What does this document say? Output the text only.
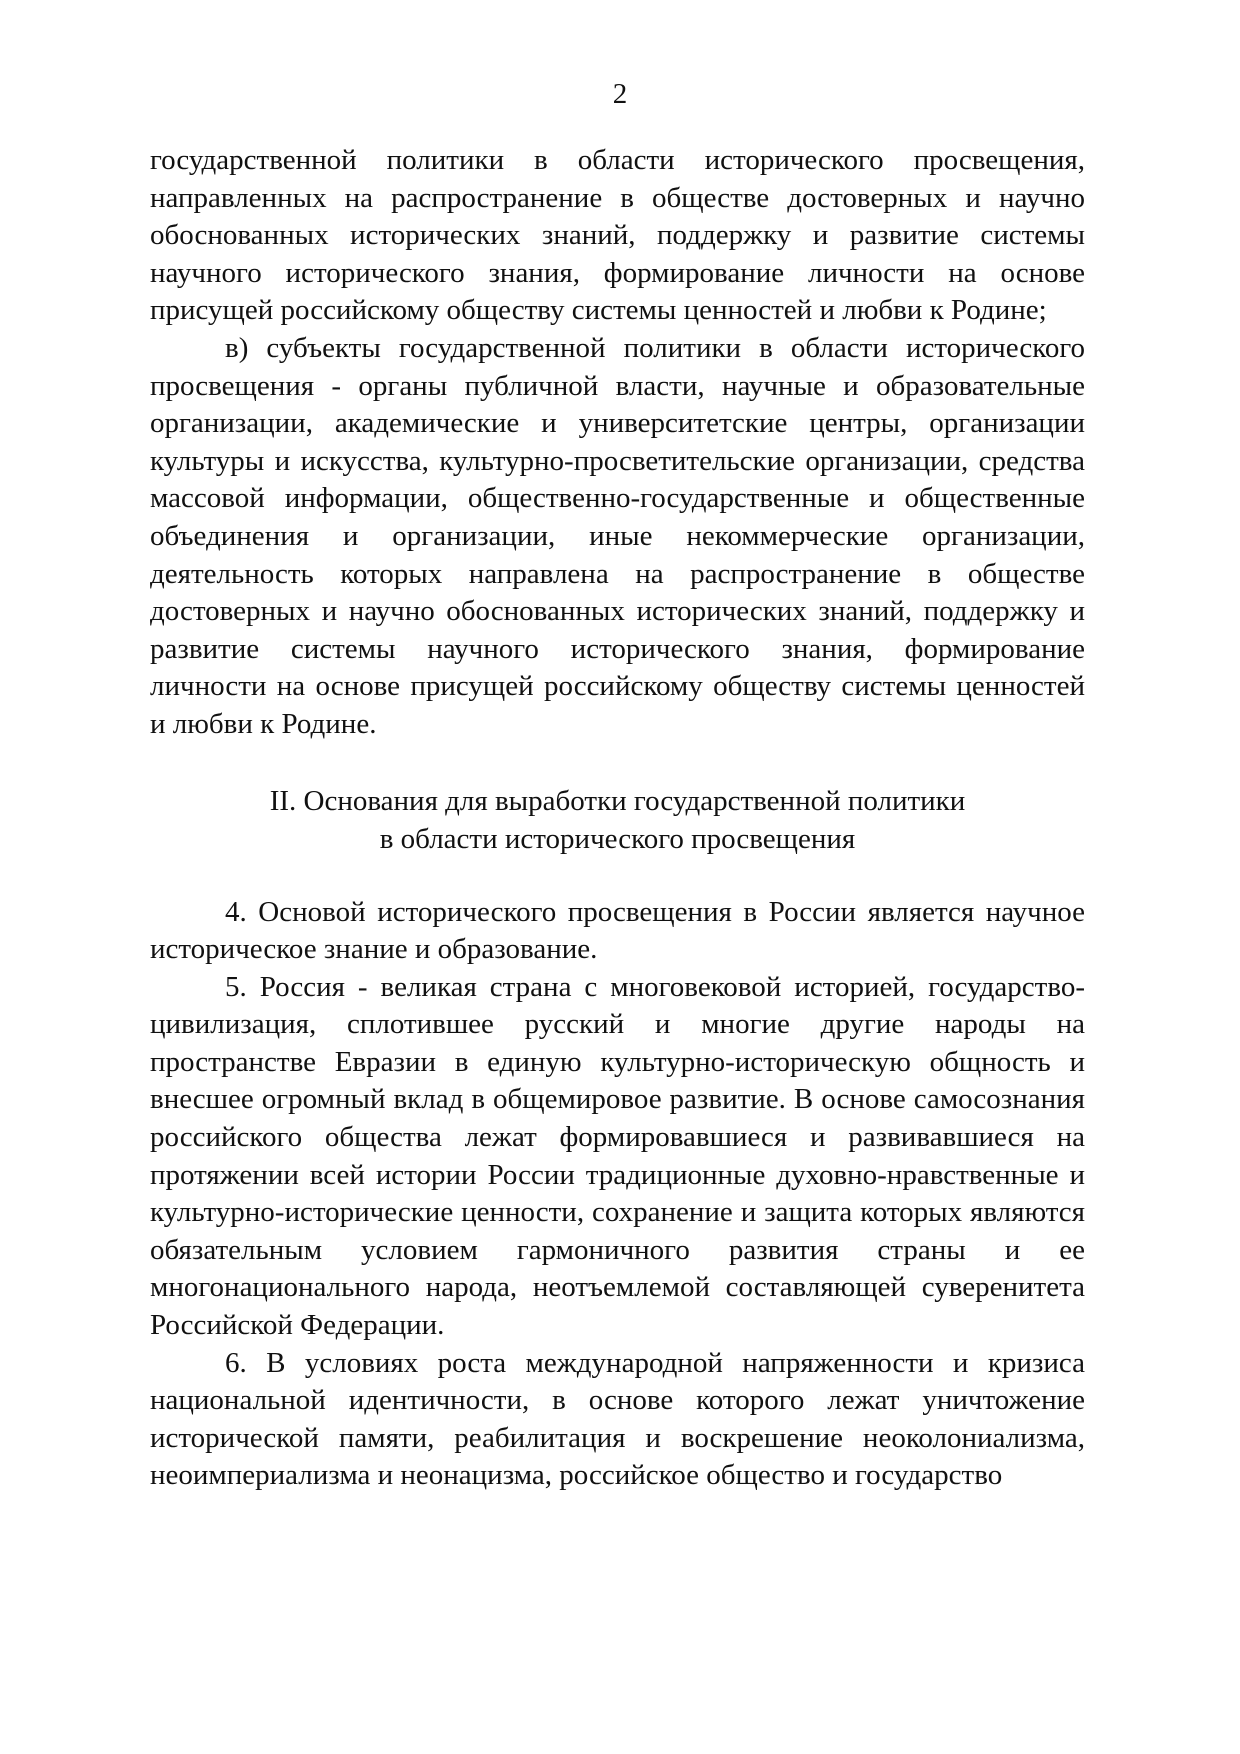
2

государственной политики в области исторического просвещения, направленных на распространение в обществе достоверных и научно обоснованных исторических знаний, поддержку и развитие системы научного исторического знания, формирование личности на основе присущей российскому обществу системы ценностей и любви к Родине;

в) субъекты государственной политики в области исторического просвещения - органы публичной власти, научные и образовательные организации, академические и университетские центры, организации культуры и искусства, культурно-просветительские организации, средства массовой информации, общественно-государственные и общественные объединения и организации, иные некоммерческие организации, деятельность которых направлена на распространение в обществе достоверных и научно обоснованных исторических знаний, поддержку и развитие системы научного исторического знания, формирование личности на основе присущей российскому обществу системы ценностей и любви к Родине.

II. Основания для выработки государственной политики
в области исторического просвещения

4. Основой исторического просвещения в России является научное историческое знание и образование.

5. Россия - великая страна с многовековой историей, государство-цивилизация, сплотившее русский и многие другие народы на пространстве Евразии в единую культурно-историческую общность и внесшее огромный вклад в общемировое развитие. В основе самосознания российского общества лежат формировавшиеся и развивавшиеся на протяжении всей истории России традиционные духовно-нравственные и культурно-исторические ценности, сохранение и защита которых являются обязательным условием гармоничного развития страны и ее многонационального народа, неотъемлемой составляющей суверенитета Российской Федерации.

6. В условиях роста международной напряженности и кризиса национальной идентичности, в основе которого лежат уничтожение исторической памяти, реабилитация и воскрешение неоколониализма, неоимпериализма и неонацизма, российское общество и государство
